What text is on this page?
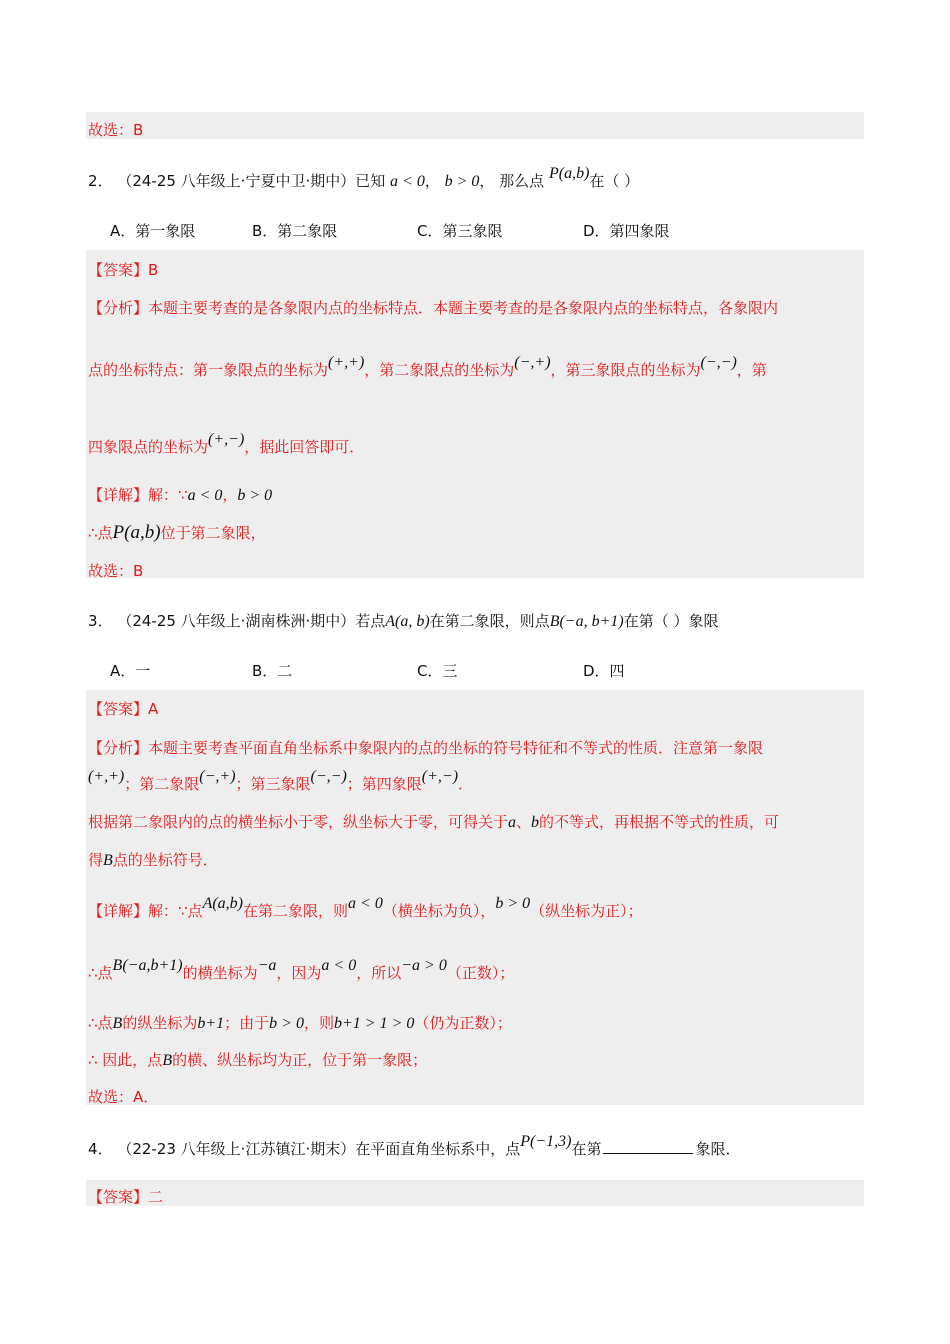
故选：B
2． （24-25 八年级上·宁夏中卫·期中）已知 a < 0， b > 0， 那么点 P(a,b)在（ ）
A．第一象限	B．第二象限	C．第三象限	D．第四象限
【答案】B
【分析】本题主要考查的是各象限内点的坐标特点．本题主要考查的是各象限内点的坐标特点，各象限内
点的坐标特点：第一象限点的坐标为(+,+)，第二象限点的坐标为(−,+)，第三象限点的坐标为(−,−)，第
四象限点的坐标为(+,−)，据此回答即可．
【详解】解：∵a < 0，b > 0
∴点P(a,b)位于第二象限，
故选：B
3． （24-25 八年级上·湖南株洲·期中）若点A(a, b)在第二象限，则点B(−a, b+1)在第（ ）象限
A．一	B．二	C．三	D．四
【答案】A
【分析】本题主要考查平面直角坐标系中象限内的点的坐标的符号特征和不等式的性质．注意第一象限
(+,+)；第二象限(−,+)；第三象限(−,−)；第四象限(+,−)．
根据第二象限内的点的横坐标小于零，纵坐标大于零，可得关于a、b的不等式，再根据不等式的性质，可
得B点的坐标符号．
【详解】解：∵点A(a,b)在第二象限，则a < 0（横坐标为负），b > 0（纵坐标为正）；
∴点B(−a,b+1)的横坐标为−a，因为a < 0，所以−a > 0（正数）；
∴点B的纵坐标为b+1；由于b > 0，则b+1 > 1 > 0（仍为正数）；
∴ 因此，点B的横、纵坐标均为正，位于第一象限；
故选：A．
4． （22-23 八年级上·江苏镇江·期末）在平面直角坐标系中，点P(−1,3)在第	象限．
【答案】二
